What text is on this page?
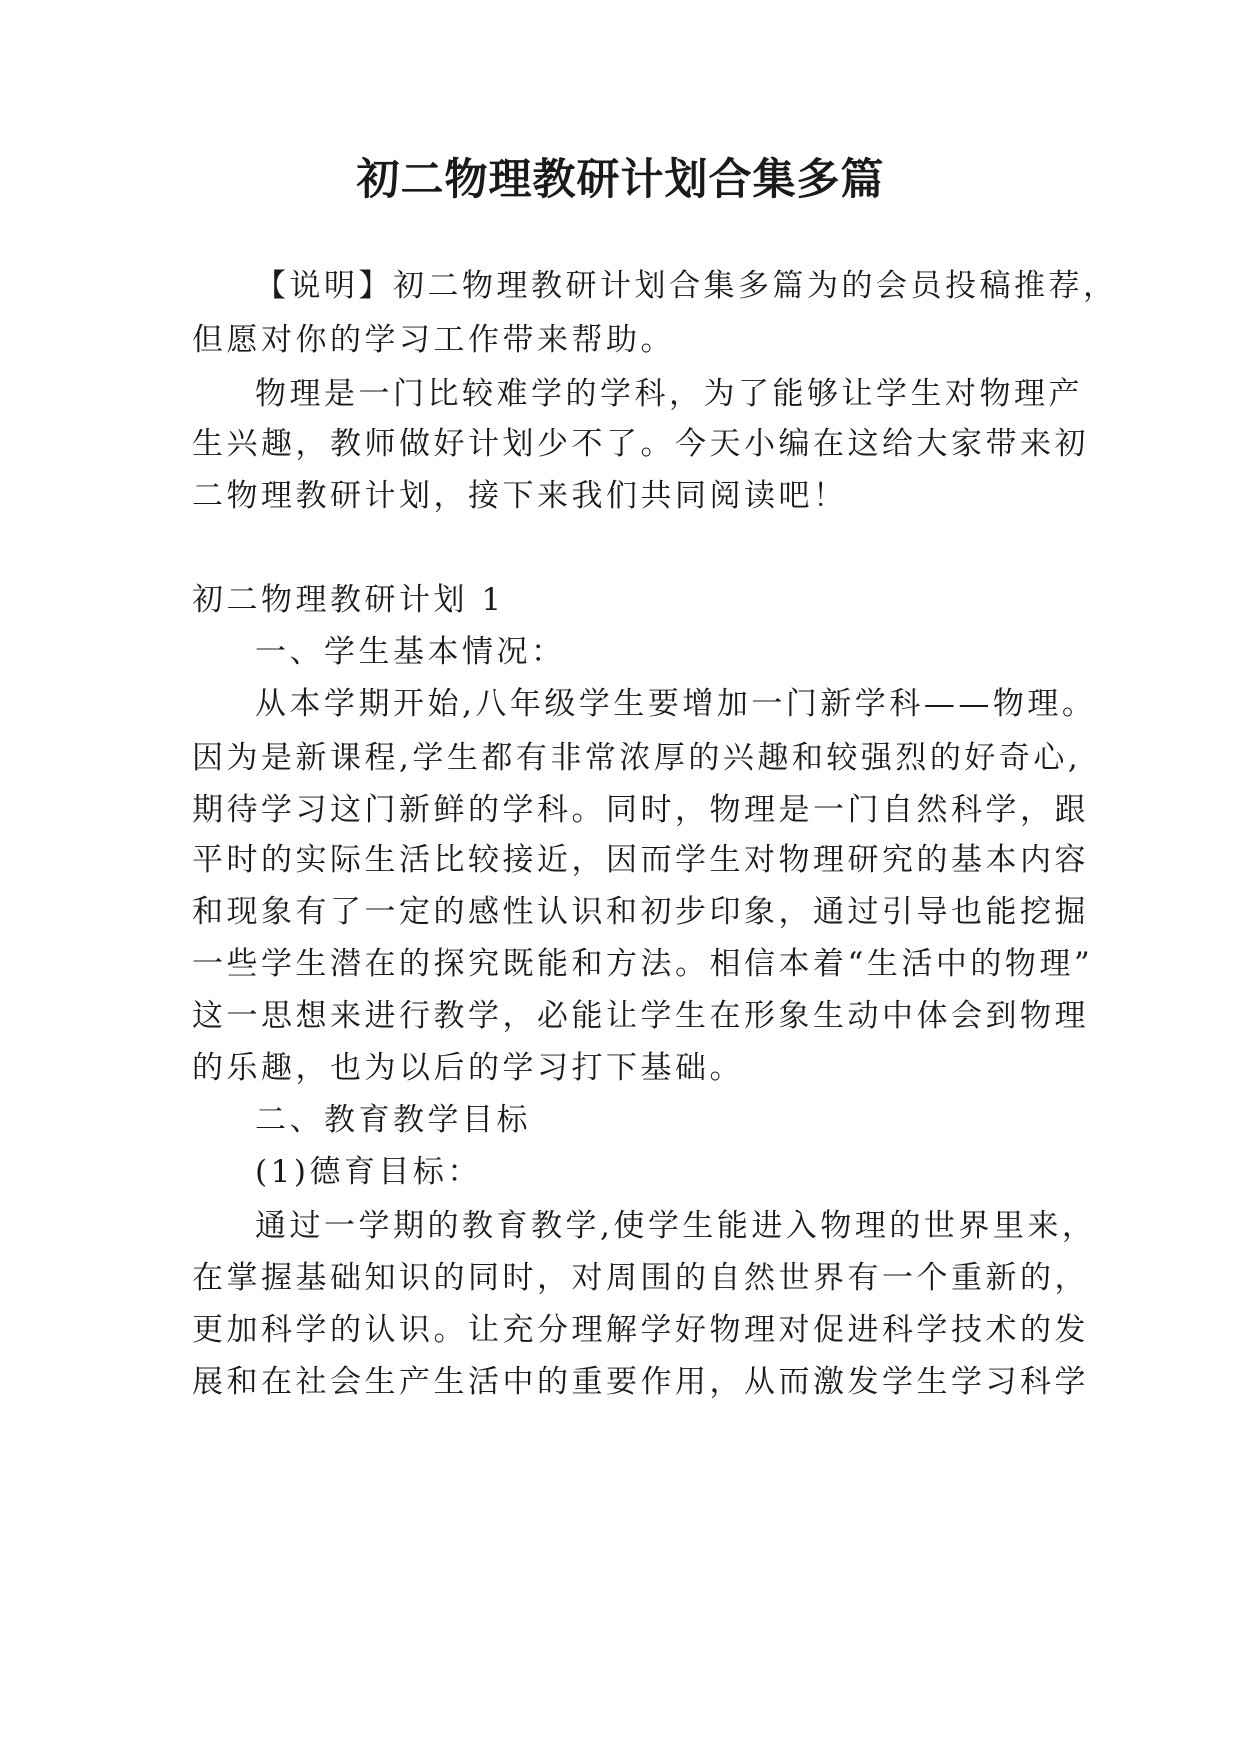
初二物理教研计划合集多篇

【说明】初二物理教研计划合集多篇为的会员投稿推荐，

但愿对你的学习工作带来帮助。

物理是一门比较难学的学科，为了能够让学生对物理产

生兴趣，教师做好计划少不了。今天小编在这给大家带来初

二物理教研计划，接下来我们共同阅读吧！

初二物理教研计划 1

一、学生基本情况：

从本学期开始,八年级学生要增加一门新学科——物理。

因为是新课程,学生都有非常浓厚的兴趣和较强烈的好奇心,

期待学习这门新鲜的学科。同时，物理是一门自然科学，跟

平时的实际生活比较接近，因而学生对物理研究的基本内容

和现象有了一定的感性认识和初步印象，通过引导也能挖掘

一些学生潜在的探究既能和方法。相信本着“生活中的物理”

这一思想来进行教学，必能让学生在形象生动中体会到物理

的乐趣，也为以后的学习打下基础。

二、教育教学目标

(1)德育目标：

通过一学期的教育教学,使学生能进入物理的世界里来，

在掌握基础知识的同时，对周围的自然世界有一个重新的，

更加科学的认识。让充分理解学好物理对促进科学技术的发

展和在社会生产生活中的重要作用，从而激发学生学习科学
